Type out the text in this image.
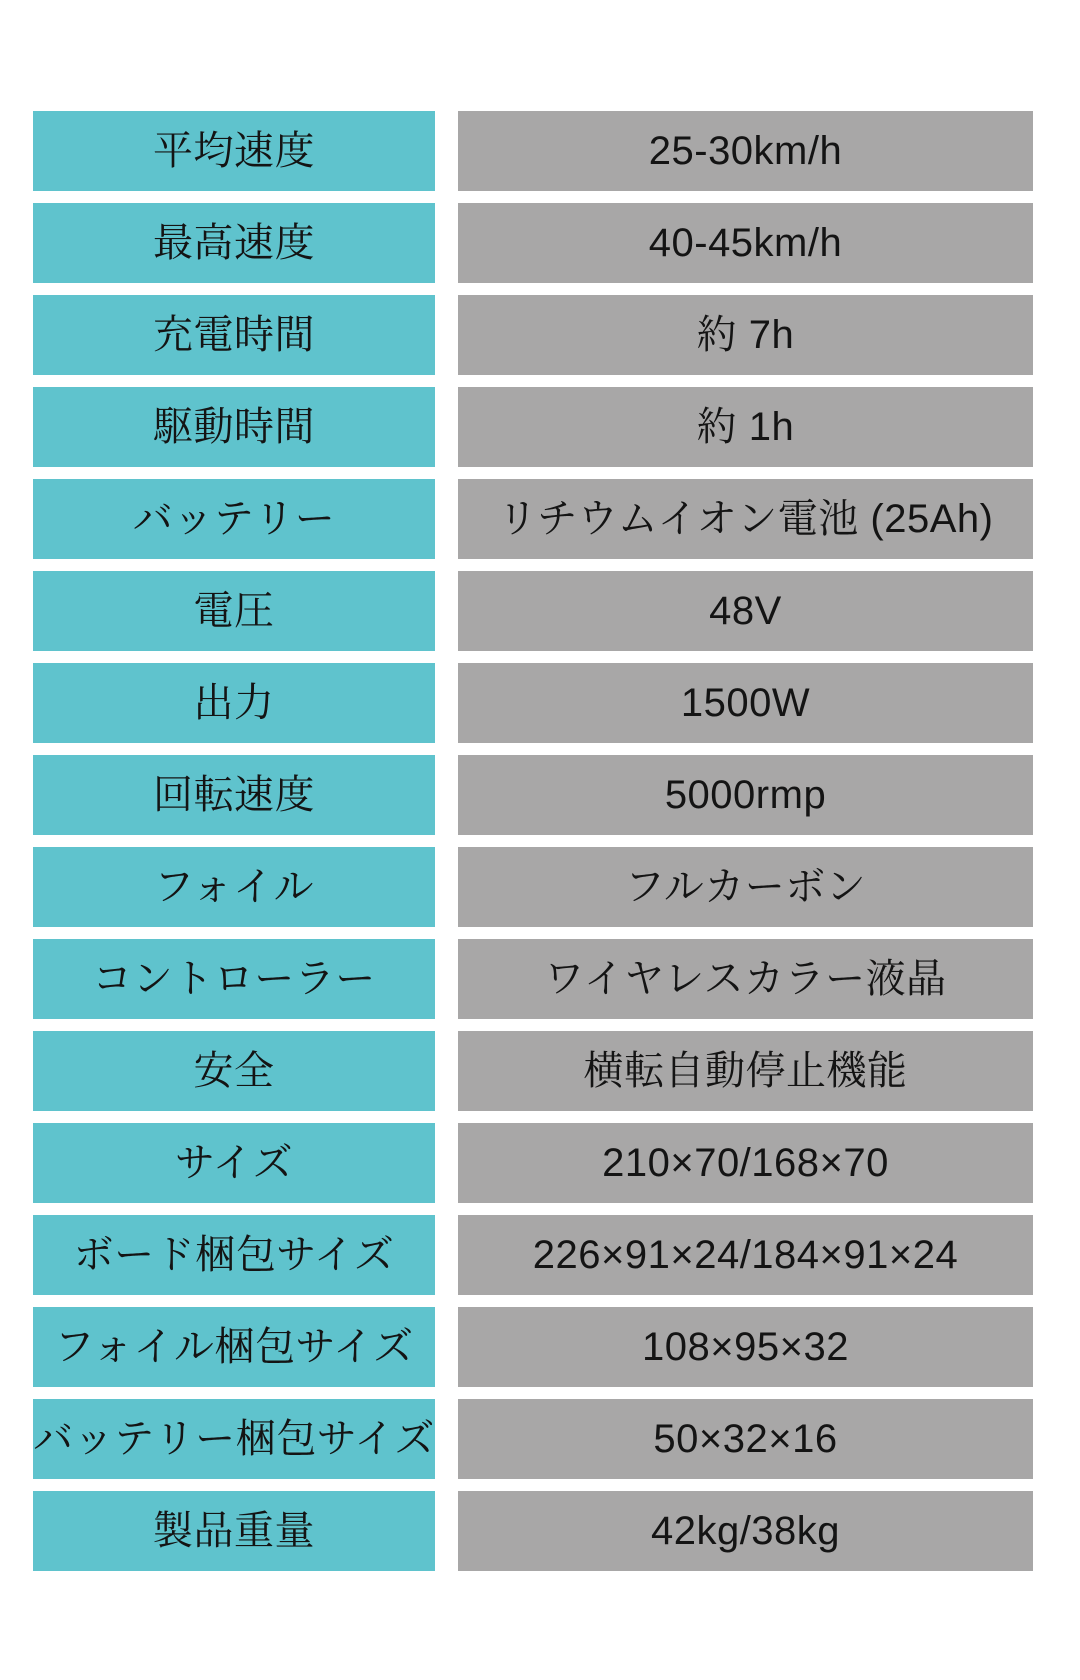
平均速度	25-30km/h
最高速度	40-45km/h
充電時間	約 7h
駆動時間	約 1h
バッテリー	リチウムイオン電池 (25Ah)
電圧	48V
出力	1500W
回転速度	5000rmp
フォイル	フルカーボン
コントローラー	ワイヤレスカラー液晶
安全	横転自動停止機能
サイズ	210×70/168×70
ボード梱包サイズ	226×91×24/184×91×24
フォイル梱包サイズ	108×95×32
バッテリー梱包サイズ	50×32×16
製品重量	42kg/38kg
